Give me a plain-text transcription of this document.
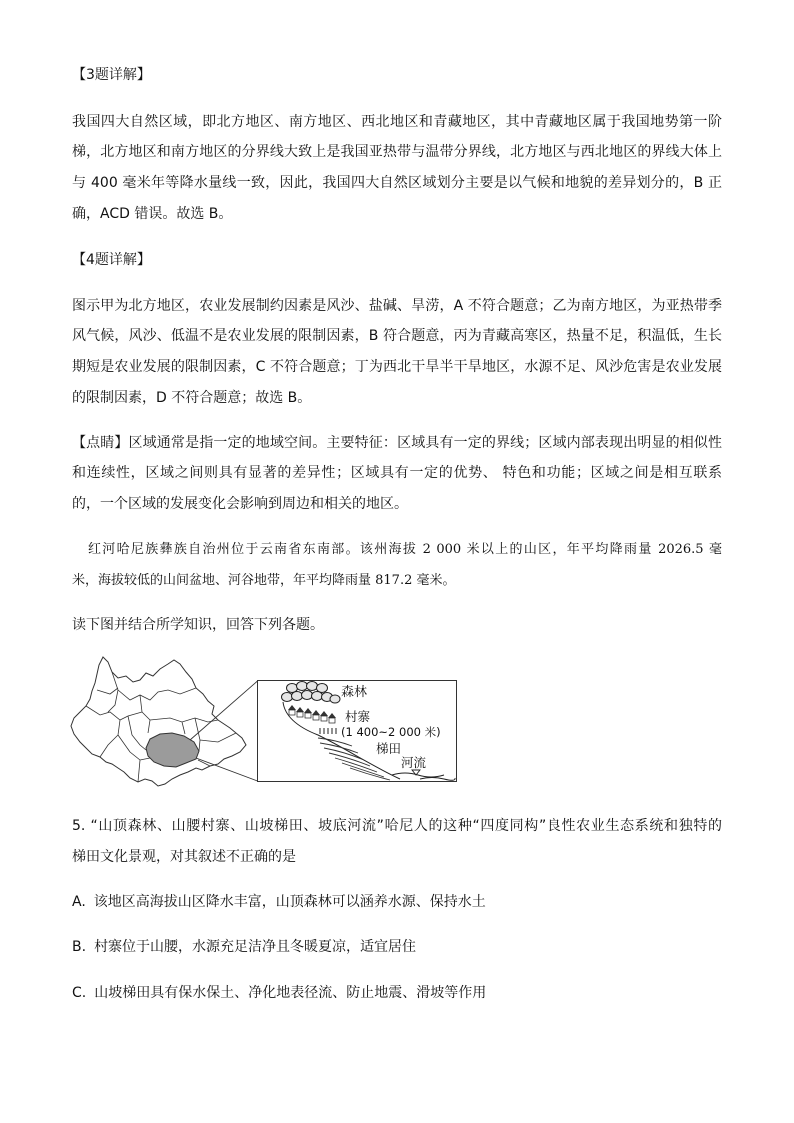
【3题详解】
我国四大自然区域，即北方地区、南方地区、西北地区和青藏地区，其中青藏地区属于我国地势第一阶
梯，北方地区和南方地区的分界线大致上是我国亚热带与温带分界线，北方地区与西北地区的界线大体上
与 400 毫米年等降水量线一致，因此，我国四大自然区域划分主要是以气候和地貌的差异划分的，B 正
确，ACD 错误。故选 B。
【4题详解】
图示甲为北方地区，农业发展制约因素是风沙、盐碱、旱涝，A 不符合题意；乙为南方地区，为亚热带季
风气候，风沙、低温不是农业发展的限制因素，B 符合题意，丙为青藏高寒区，热量不足，积温低，生长
期短是农业发展的限制因素，C 不符合题意；丁为西北干旱半干旱地区，水源不足、风沙危害是农业发展
的限制因素，D 不符合题意；故选 B。
【点睛】区域通常是指一定的地域空间。主要特征：区域具有一定的界线；区域内部表现出明显的相似性
和连续性，区域之间则具有显著的差异性；区域具有一定的优势、 特色和功能；区域之间是相互联系
的，一个区域的发展变化会影响到周边和相关的地区。
红河哈尼族彝族自治州位于云南省东南部。该州海拔 2 000 米以上的山区，年平均降雨量 2026.5 毫
米，海拔较低的山间盆地、河谷地带，年平均降雨量 817.2 毫米。
读下图并结合所学知识，回答下列各题。
森林
村寨
(1 400~2 000 米)
梯田
河流
5. “山顶森林、山腰村寨、山坡梯田、坡底河流”哈尼人的这种“四度同构”良性农业生态系统和独特的
梯田文化景观，对其叙述不正确的是
A. 该地区高海拔山区降水丰富，山顶森林可以涵养水源、保持水土
B. 村寨位于山腰，水源充足洁净且冬暖夏凉，适宜居住
C. 山坡梯田具有保水保土、净化地表径流、防止地震、滑坡等作用
